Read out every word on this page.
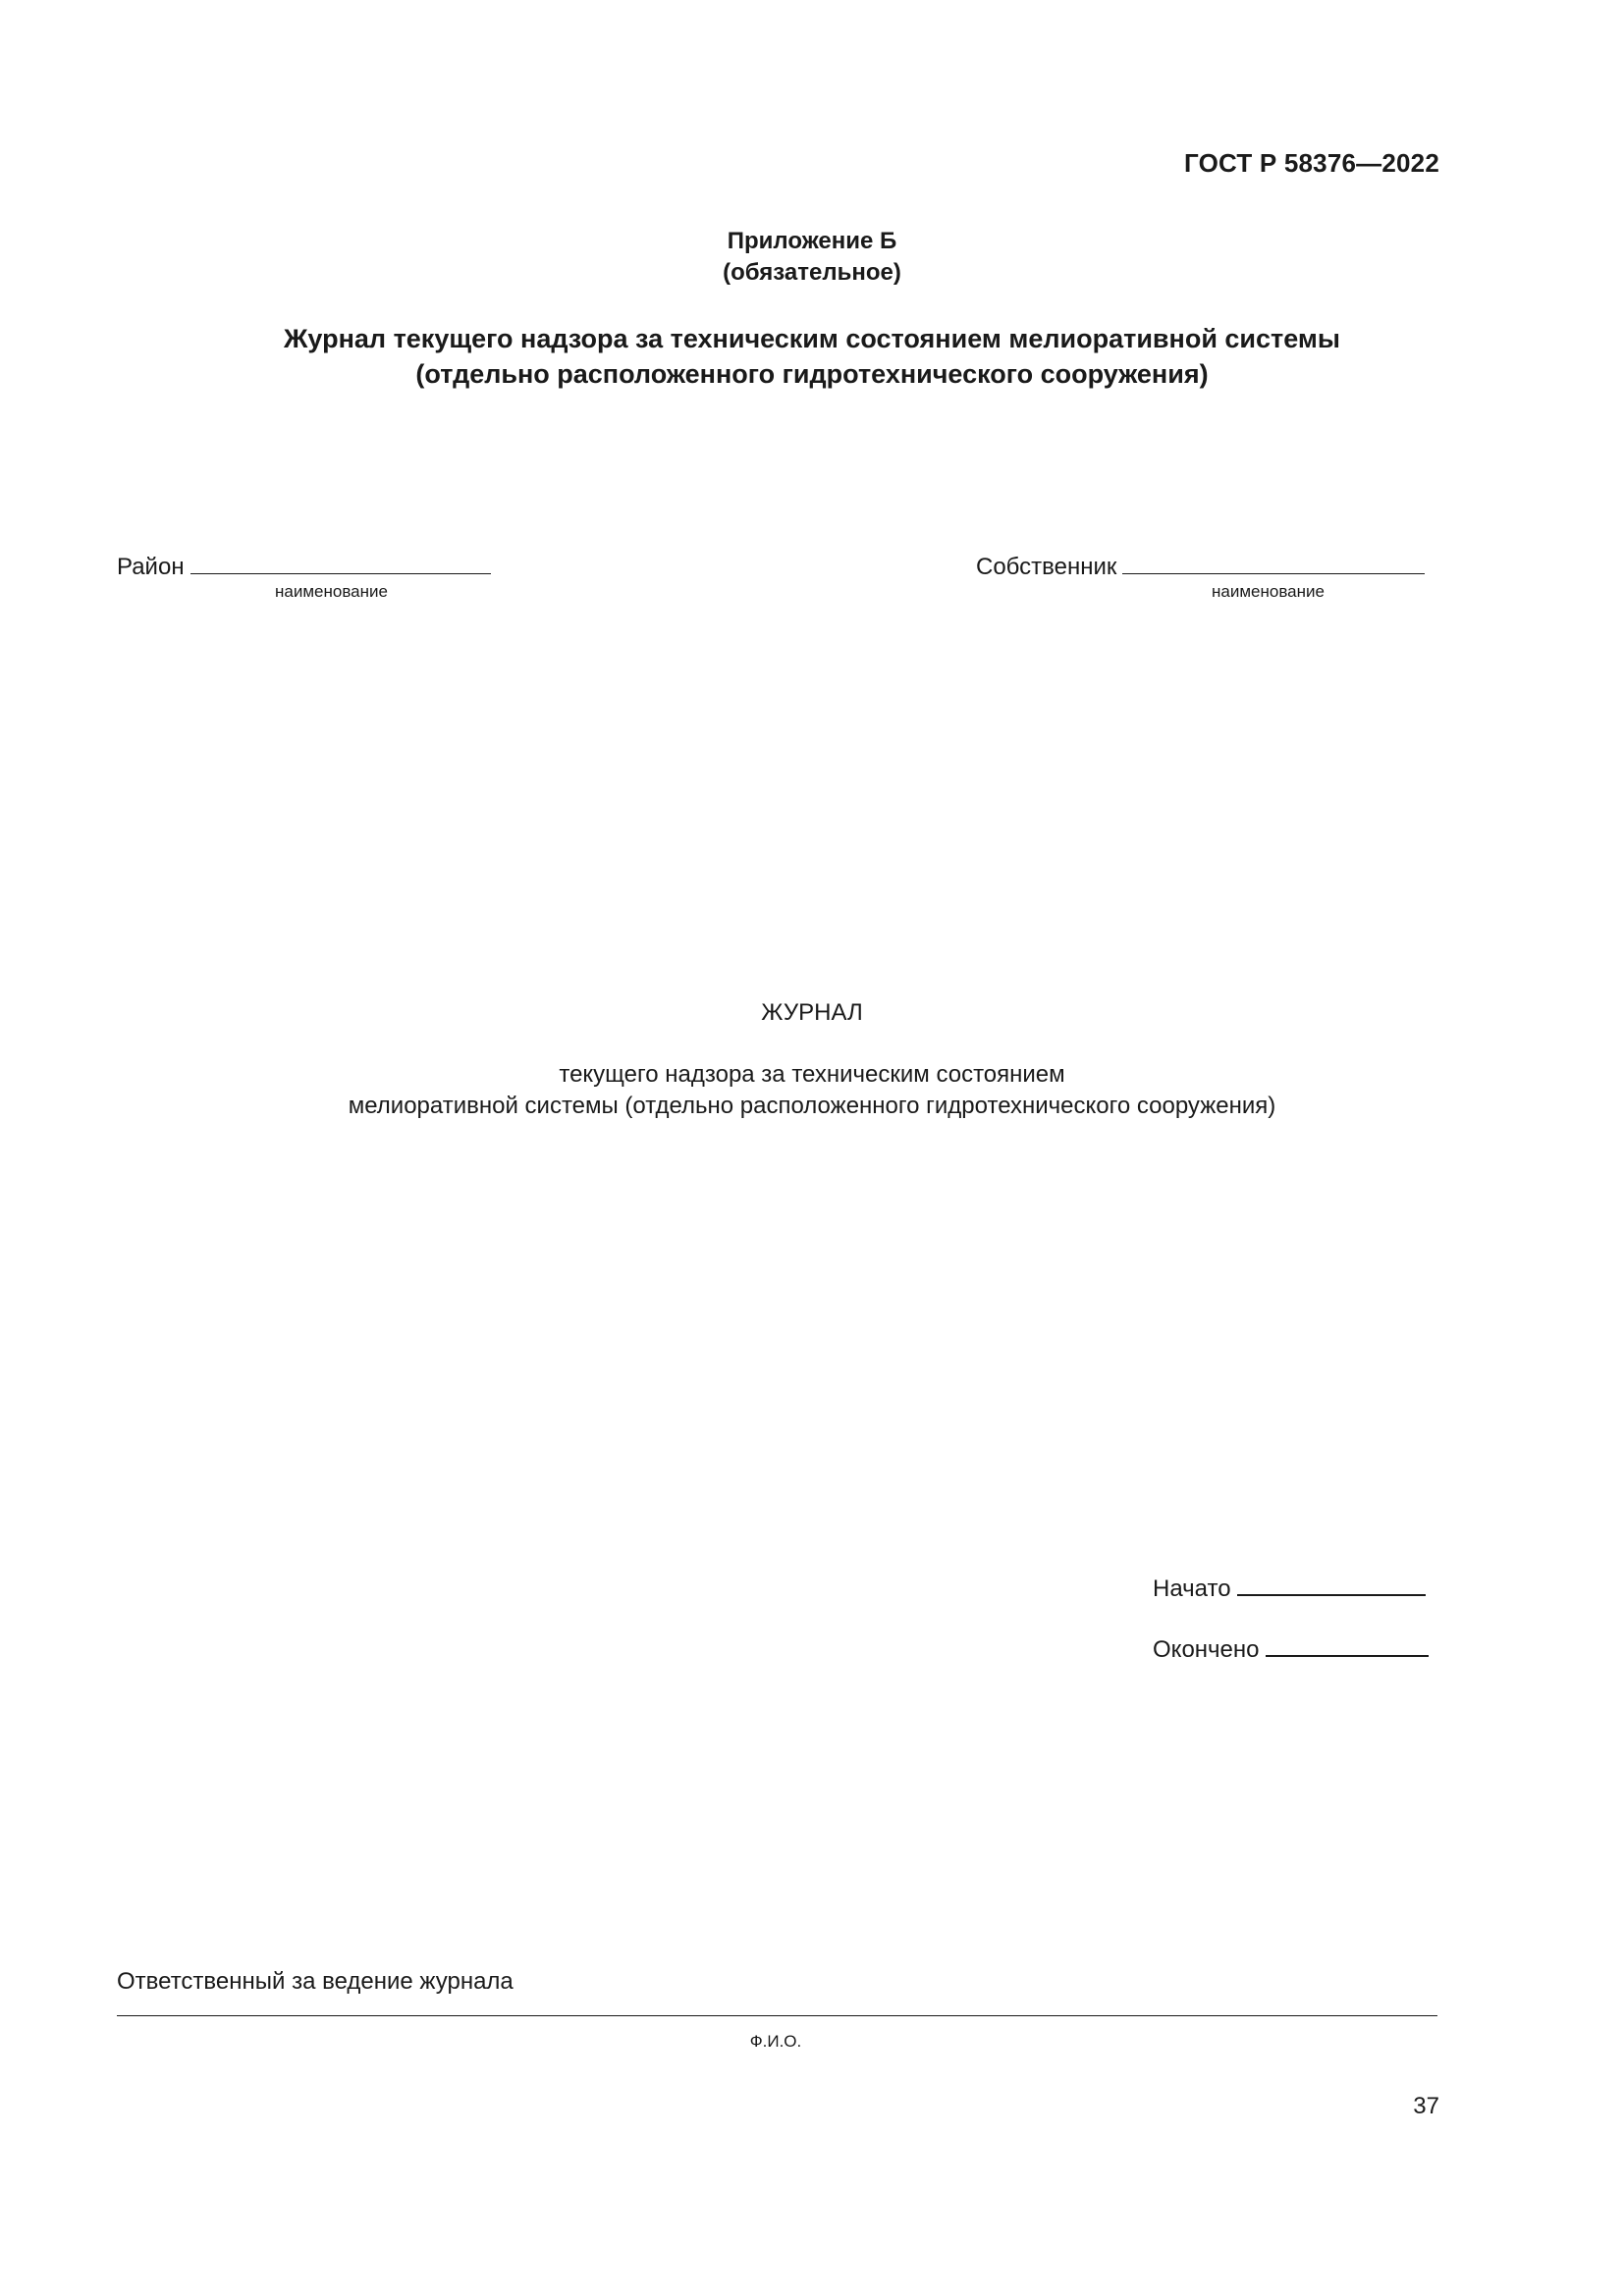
ГОСТ Р 58376—2022
Приложение Б
(обязательное)
Журнал текущего надзора за техническим состоянием мелиоративной системы
(отдельно расположенного гидротехнического сооружения)
Район
наименование
Собственник
наименование
ЖУРНАЛ
текущего надзора за техническим состоянием
мелиоративной системы (отдельно расположенного гидротехнического сооружения)
Начато
Окончено
Ответственный за ведение журнала
Ф.И.О.
37
